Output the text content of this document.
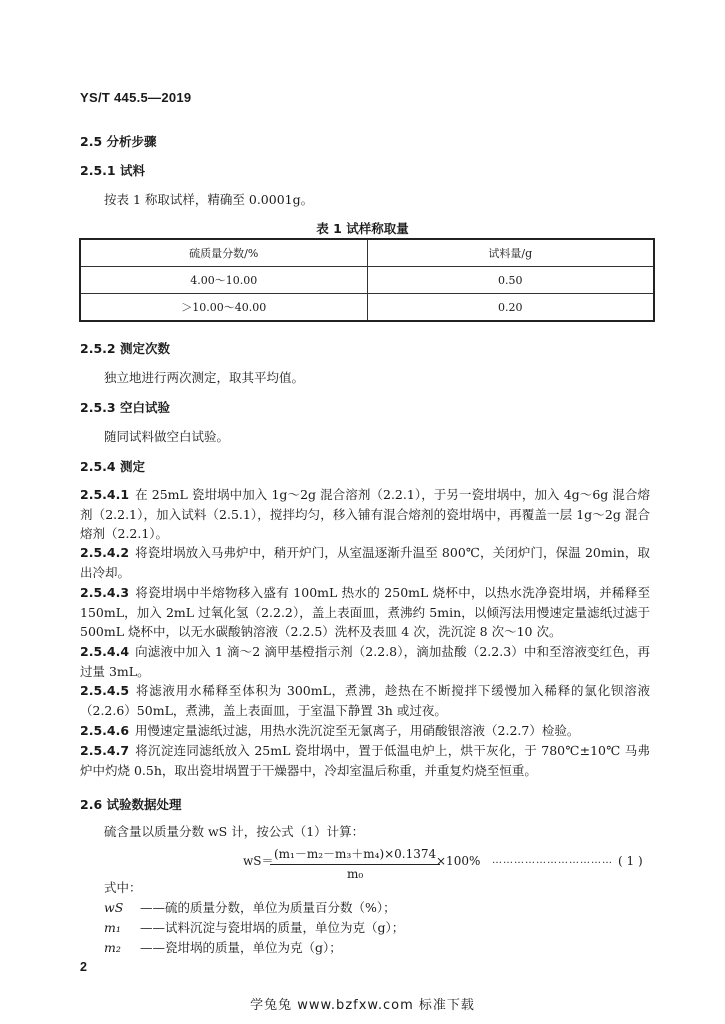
YS/T 445.5—2019
2.5 分析步骤
2.5.1 试料
按表 1 称取试样，精确至 0.0001g。
表 1 试样称取量
硫质量分数/%	试料量/g
4.00～10.00	0.50
＞10.00～40.00	0.20
2.5.2 测定次数
独立地进行两次测定，取其平均值。
2.5.3 空白试验
随同试料做空白试验。
2.5.4 测定
2.5.4.1 在 25mL 瓷坩埚中加入 1g～2g 混合溶剂（2.2.1），于另一瓷坩埚中，加入 4g～6g 混合熔剂（2.2.1），加入试料（2.5.1），搅拌均匀，移入铺有混合熔剂的瓷坩埚中，再覆盖一层 1g～2g 混合熔剂（2.2.1）。
2.5.4.2 将瓷坩埚放入马弗炉中，稍开炉门，从室温逐渐升温至 800℃，关闭炉门，保温 20min，取出冷却。
2.5.4.3 将瓷坩埚中半熔物移入盛有 100mL 热水的 250mL 烧杯中，以热水洗净瓷坩埚，并稀释至 150mL，加入 2mL 过氧化氢（2.2.2），盖上表面皿，煮沸约 5min，以倾泻法用慢速定量滤纸过滤于 500mL 烧杯中，以无水碳酸钠溶液（2.2.5）洗杯及表皿 4 次，洗沉淀 8 次～10 次。
2.5.4.4 向滤液中加入 1 滴～2 滴甲基橙指示剂（2.2.8），滴加盐酸（2.2.3）中和至溶液变红色，再过量 3mL。
2.5.4.5 将滤液用水稀释至体积为 300mL，煮沸，趁热在不断搅拌下缓慢加入稀释的氯化钡溶液（2.2.6）50mL，煮沸，盖上表面皿，于室温下静置 3h 或过夜。
2.5.4.6 用慢速定量滤纸过滤，用热水洗沉淀至无氯离子，用硝酸银溶液（2.2.7）检验。
2.5.4.7 将沉淀连同滤纸放入 25mL 瓷坩埚中，置于低温电炉上，烘干灰化，于 780℃±10℃ 马弗炉中灼烧 0.5h，取出瓷坩埚置于干燥器中，冷却室温后称重，并重复灼烧至恒重。
2.6 试验数据处理
硫含量以质量分数 wS 计，按公式（1）计算：
wS＝
$\frac{\text{(m₁－m₂－m₃＋m₄)×0.1374}}{\text{m₀}}$
×100% …………………………… ( 1 )
式中：
wS ——硫的质量分数，单位为质量百分数（%）；
m₁ ——试料沉淀与瓷坩埚的质量，单位为克（g）；
m₂ ——瓷坩埚的质量，单位为克（g）；
2
学兔兔 www.bzfxw.com 标准下载
